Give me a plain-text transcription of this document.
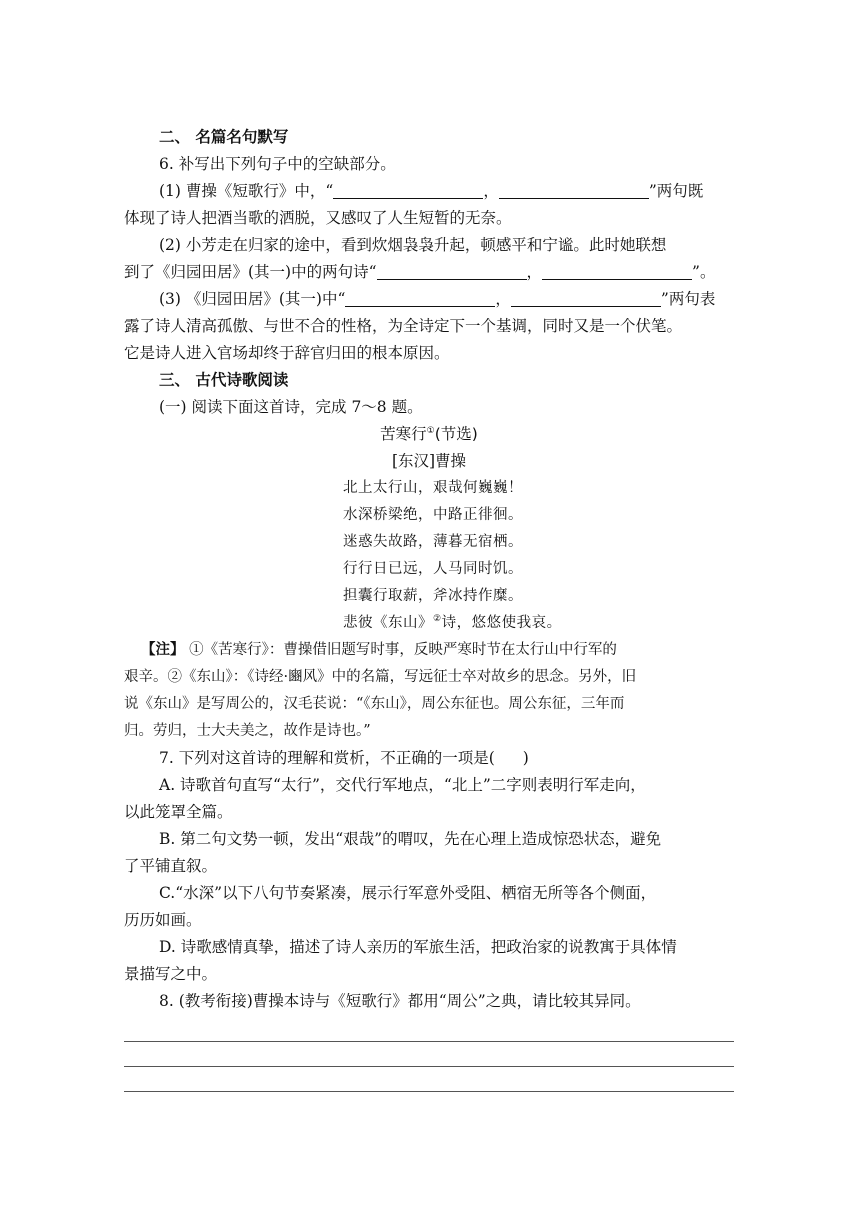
二、 名篇名句默写
6. 补写出下列句子中的空缺部分。
(1) 曹操《短歌行》中，“	，	”两句既
体现了诗人把酒当歌的洒脱，又感叹了人生短暂的无奈。
(2) 小芳走在归家的途中，看到炊烟袅袅升起，顿感平和宁谧。此时她联想
到了《归园田居》(其一)中的两句诗“	，	”。
(3) 《归园田居》(其一)中“	，	”两句表
露了诗人清高孤傲、与世不合的性格，为全诗定下一个基调，同时又是一个伏笔。
它是诗人进入官场却终于辞官归田的根本原因。
三、 古代诗歌阅读
(一) 阅读下面这首诗，完成 7～8 题。
苦寒行①(节选)
[东汉]曹操
北上太行山，艰哉何巍巍！
水深桥梁绝，中路正徘徊。
迷惑失故路，薄暮无宿栖。
行行日已远，人马同时饥。
担囊行取薪，斧冰持作糜。
悲彼《东山》②诗，悠悠使我哀。
【注】 ①《苦寒行》：曹操借旧题写时事，反映严寒时节在太行山中行军的
艰辛。②《东山》：《诗经·豳风》中的名篇，写远征士卒对故乡的思念。另外，旧
说《东山》是写周公的，汉毛苌说：“《东山》，周公东征也。周公东征，三年而
归。劳归，士大夫美之，故作是诗也。”
7. 下列对这首诗的理解和赏析，不正确的一项是( )
A. 诗歌首句直写“太行”，交代行军地点，“北上”二字则表明行军走向，
以此笼罩全篇。
B. 第二句文势一顿，发出“艰哉”的喟叹，先在心理上造成惊恐状态，避免
了平铺直叙。
C.“水深”以下八句节奏紧凑，展示行军意外受阻、栖宿无所等各个侧面，
历历如画。
D. 诗歌感情真挚，描述了诗人亲历的军旅生活，把政治家的说教寓于具体情
景描写之中。
8. (教考衔接)曹操本诗与《短歌行》都用“周公”之典，请比较其异同。
